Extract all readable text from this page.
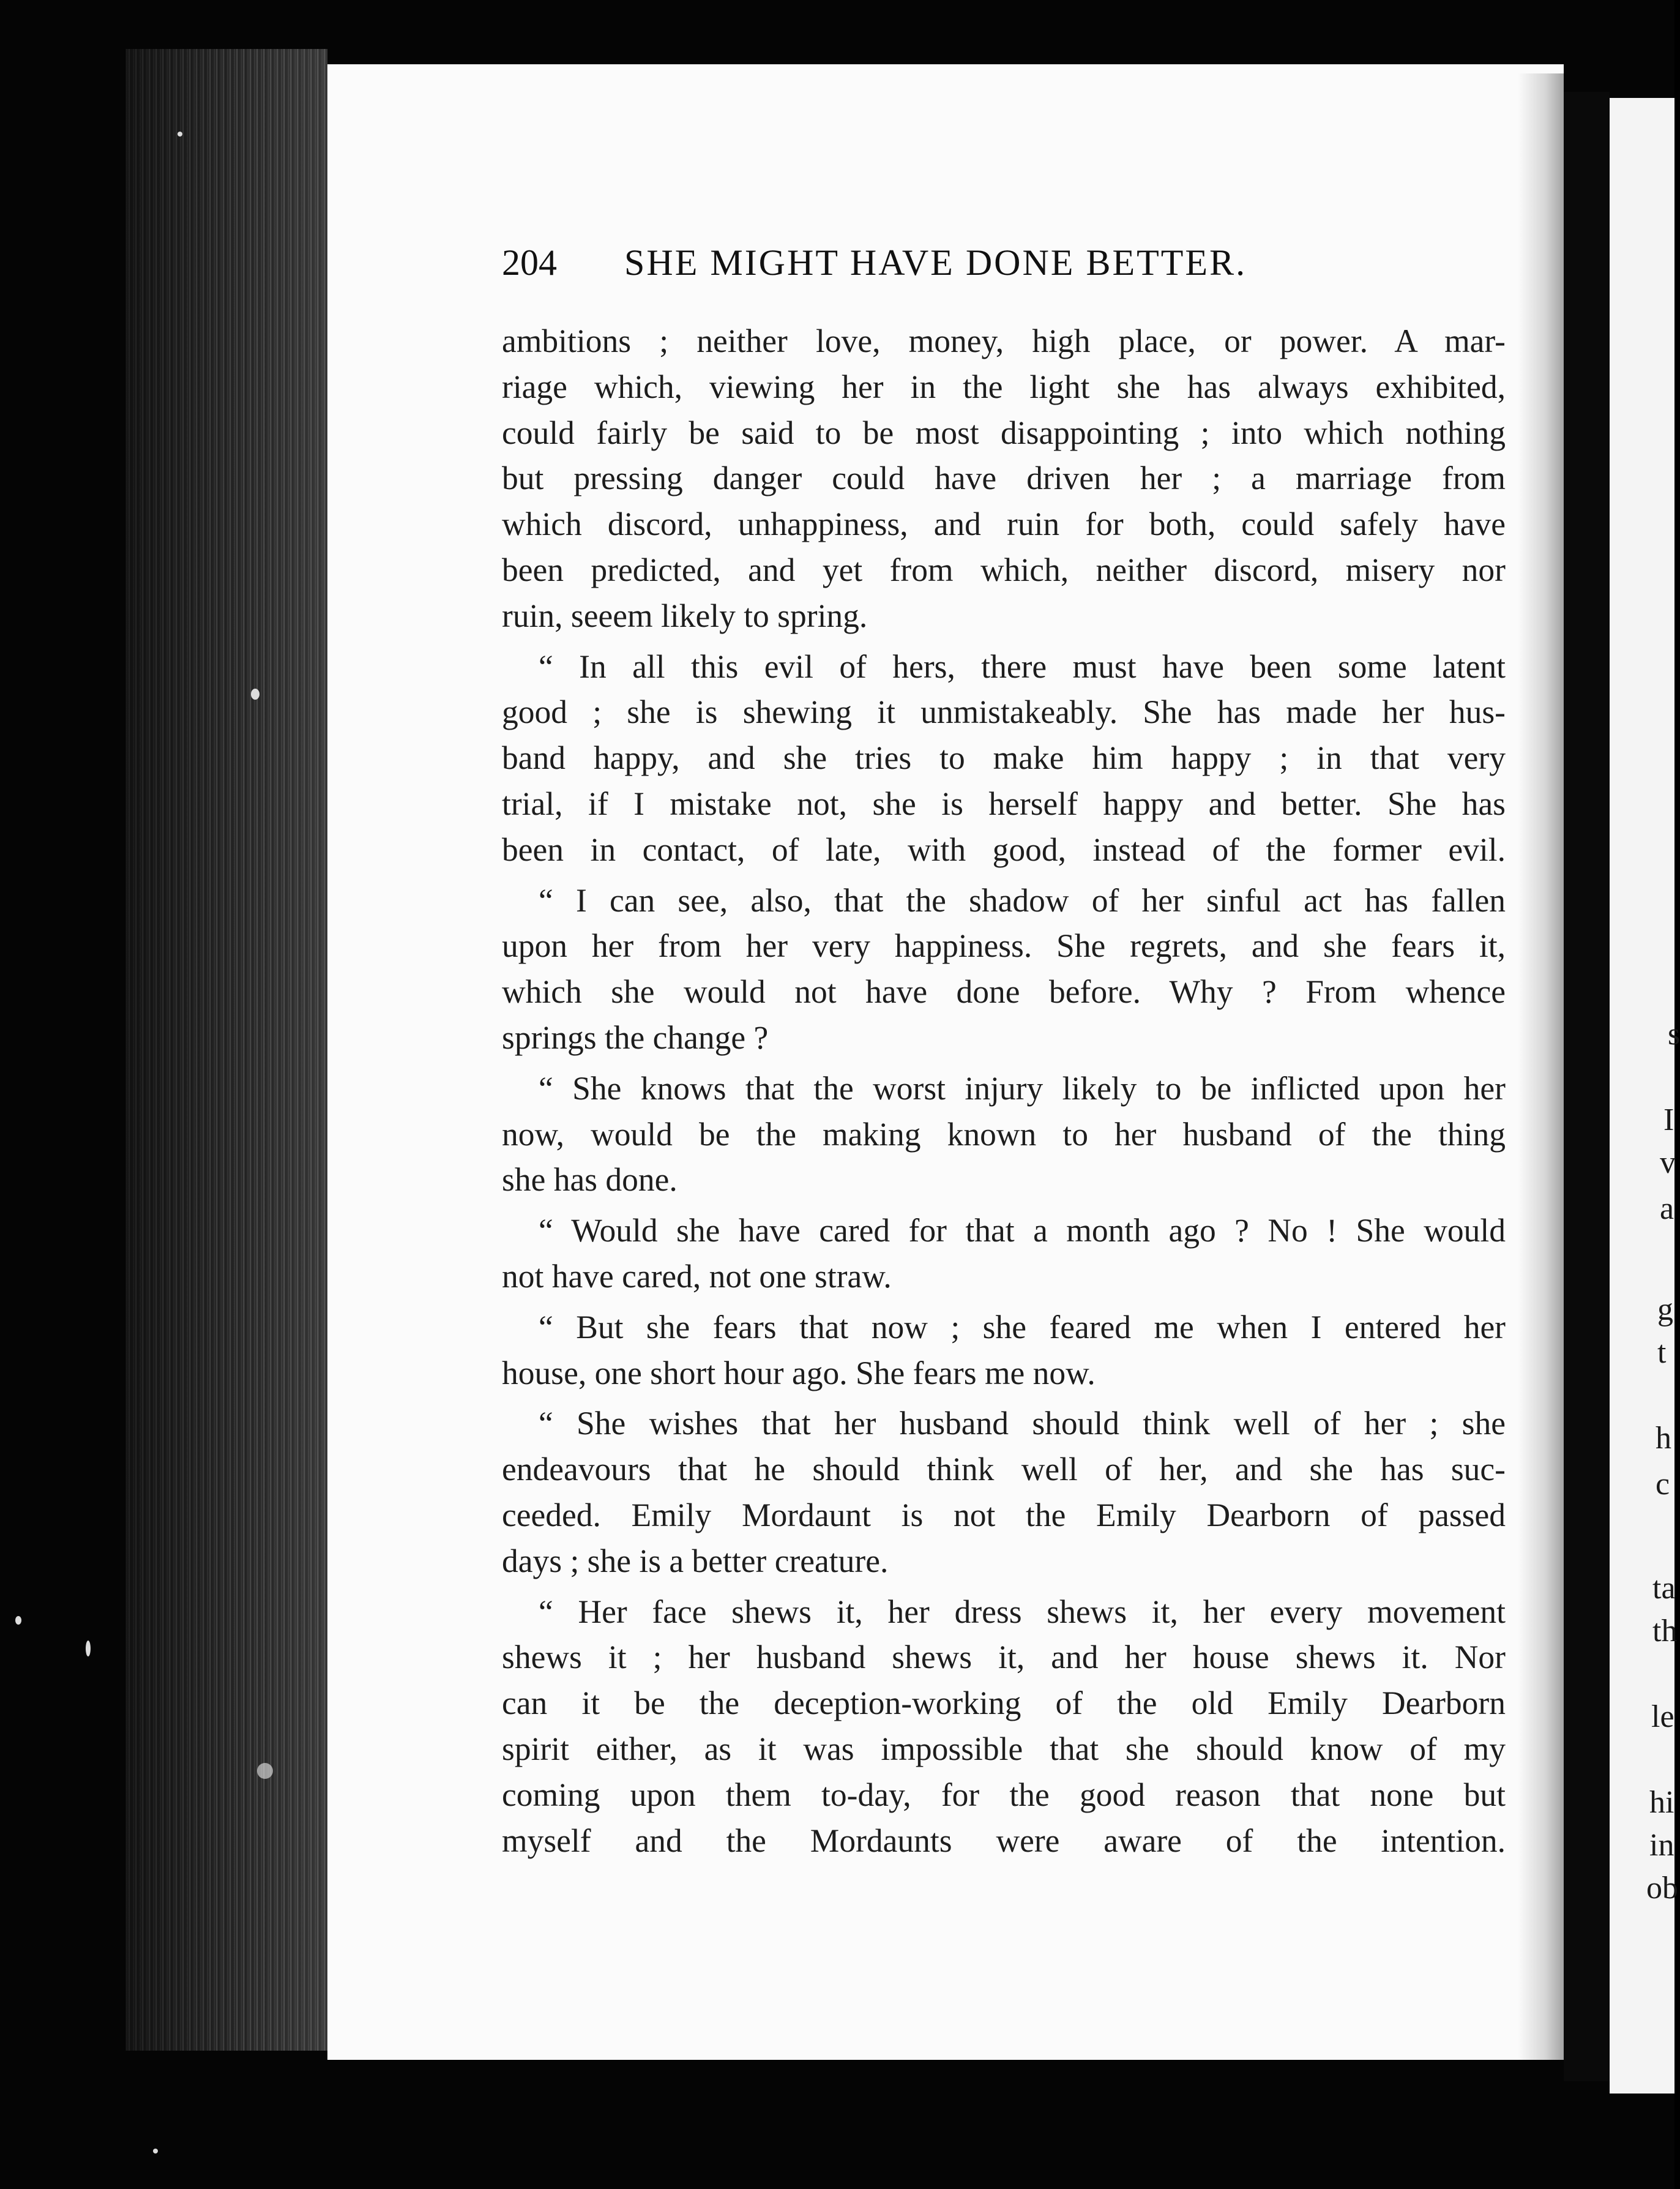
s
I
v
a
g
t
h
c
ta
th
le
hi
in
ob
204	SHE MIGHT HAVE DONE BETTER.
ambitions ; neither love, money, high place, or power. A mar-
riage which, viewing her in the light she has always exhibited,
could fairly be said to be most disappointing ; into which nothing
but pressing danger could have driven her ; a marriage from
which discord, unhappiness, and ruin for both, could safely have
been predicted, and yet from which, neither discord, misery nor
ruin, seeem likely to spring.
“ In all this evil of hers, there must have been some latent
good ; she is shewing it unmistakeably. She has made her hus-
band happy, and she tries to make him happy ; in that very
trial, if I mistake not, she is herself happy and better. She has
been in contact, of late, with good, instead of the former evil.
“ I can see, also, that the shadow of her sinful act has fallen
upon her from her very happiness. She regrets, and she fears it,
which she would not have done before. Why ? From whence
springs the change ?
“ She knows that the worst injury likely to be inflicted upon her
now, would be the making known to her husband of the thing
she has done.
“ Would she have cared for that a month ago ? No ! She would
not have cared, not one straw.
“ But she fears that now ; she feared me when I entered her
house, one short hour ago. She fears me now.
“ She wishes that her husband should think well of her ; she
endeavours that he should think well of her, and she has suc-
ceeded. Emily Mordaunt is not the Emily Dearborn of passed
days ; she is a better creature.
“ Her face shews it, her dress shews it, her every movement
shews it ; her husband shews it, and her house shews it. Nor
can it be the deception-working of the old Emily Dearborn
spirit either, as it was impossible that she should know of my
coming upon them to-day, for the good reason that none but
myself and the Mordaunts were aware of the intention.
